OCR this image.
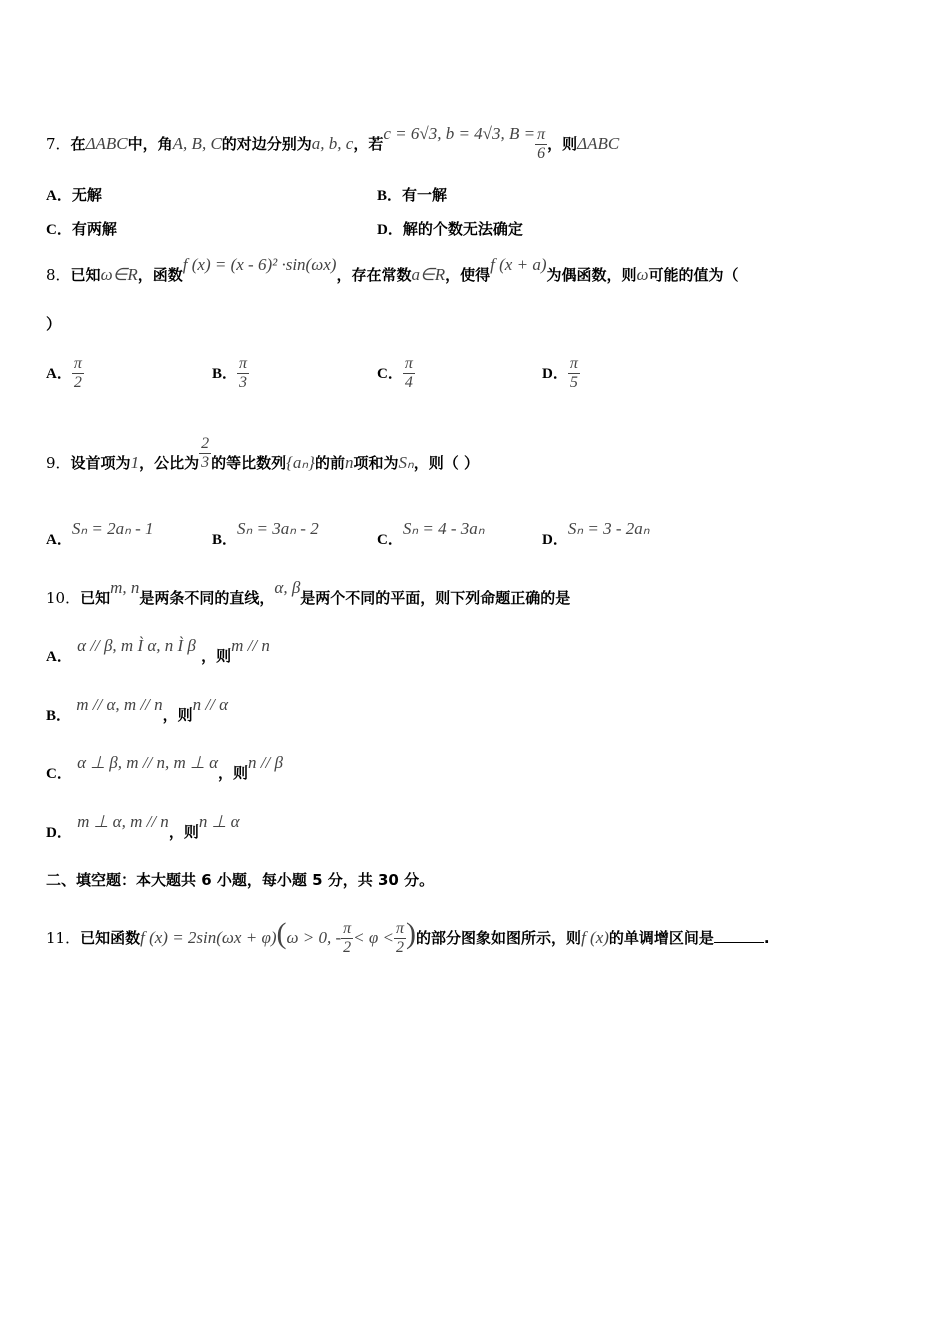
7．在ΔABC中，角A, B, C的对边分别为a, b, c，若c = 6√3, b = 4√3, $B = \frac{\pi}{6}$ ，则ΔABC
A．无解	B．有一解
C．有两解	D．解的个数无法确定
8．已知ω∈R，函数f (x) = (x - 6)² ·sin(ωx)，存在常数a∈R，使得f (x + a)为偶函数，则ω可能的值为（
）
A． $\frac{\pi}{2}$	B． $\frac{\pi}{3}$	C． $\frac{\pi}{4}$	D． $\frac{\pi}{5}$
9．设首项为1，公比为 $\frac{2}{3}$ 的等比数列{aₙ}的前n项和为Sₙ，则（ ）
A．Sₙ = 2aₙ - 1
B．Sₙ = 3aₙ - 2
C．Sₙ = 4 - 3aₙ
D．Sₙ = 3 - 2aₙ
10．已知m, n是两条不同的直线，α, β是两个不同的平面，则下列命题正确的是
A． α // β, m Ì α, n Ì β ，则m // n
B． m // α, m // n，则n // α
C． α ⊥ β, m // n, m ⊥ α，则n // β
D． m ⊥ α, m // n，则n ⊥ α
二、填空题：本大题共 6 小题，每小题 5 分，共 30 分。
11．已知函数f (x) = 2sin(ωx + φ)(ω > 0, - $\frac{\pi}{2} < \varphi < \frac{\pi}{2}$ )的部分图象如图所示，则f (x)的单调增区间是	.
